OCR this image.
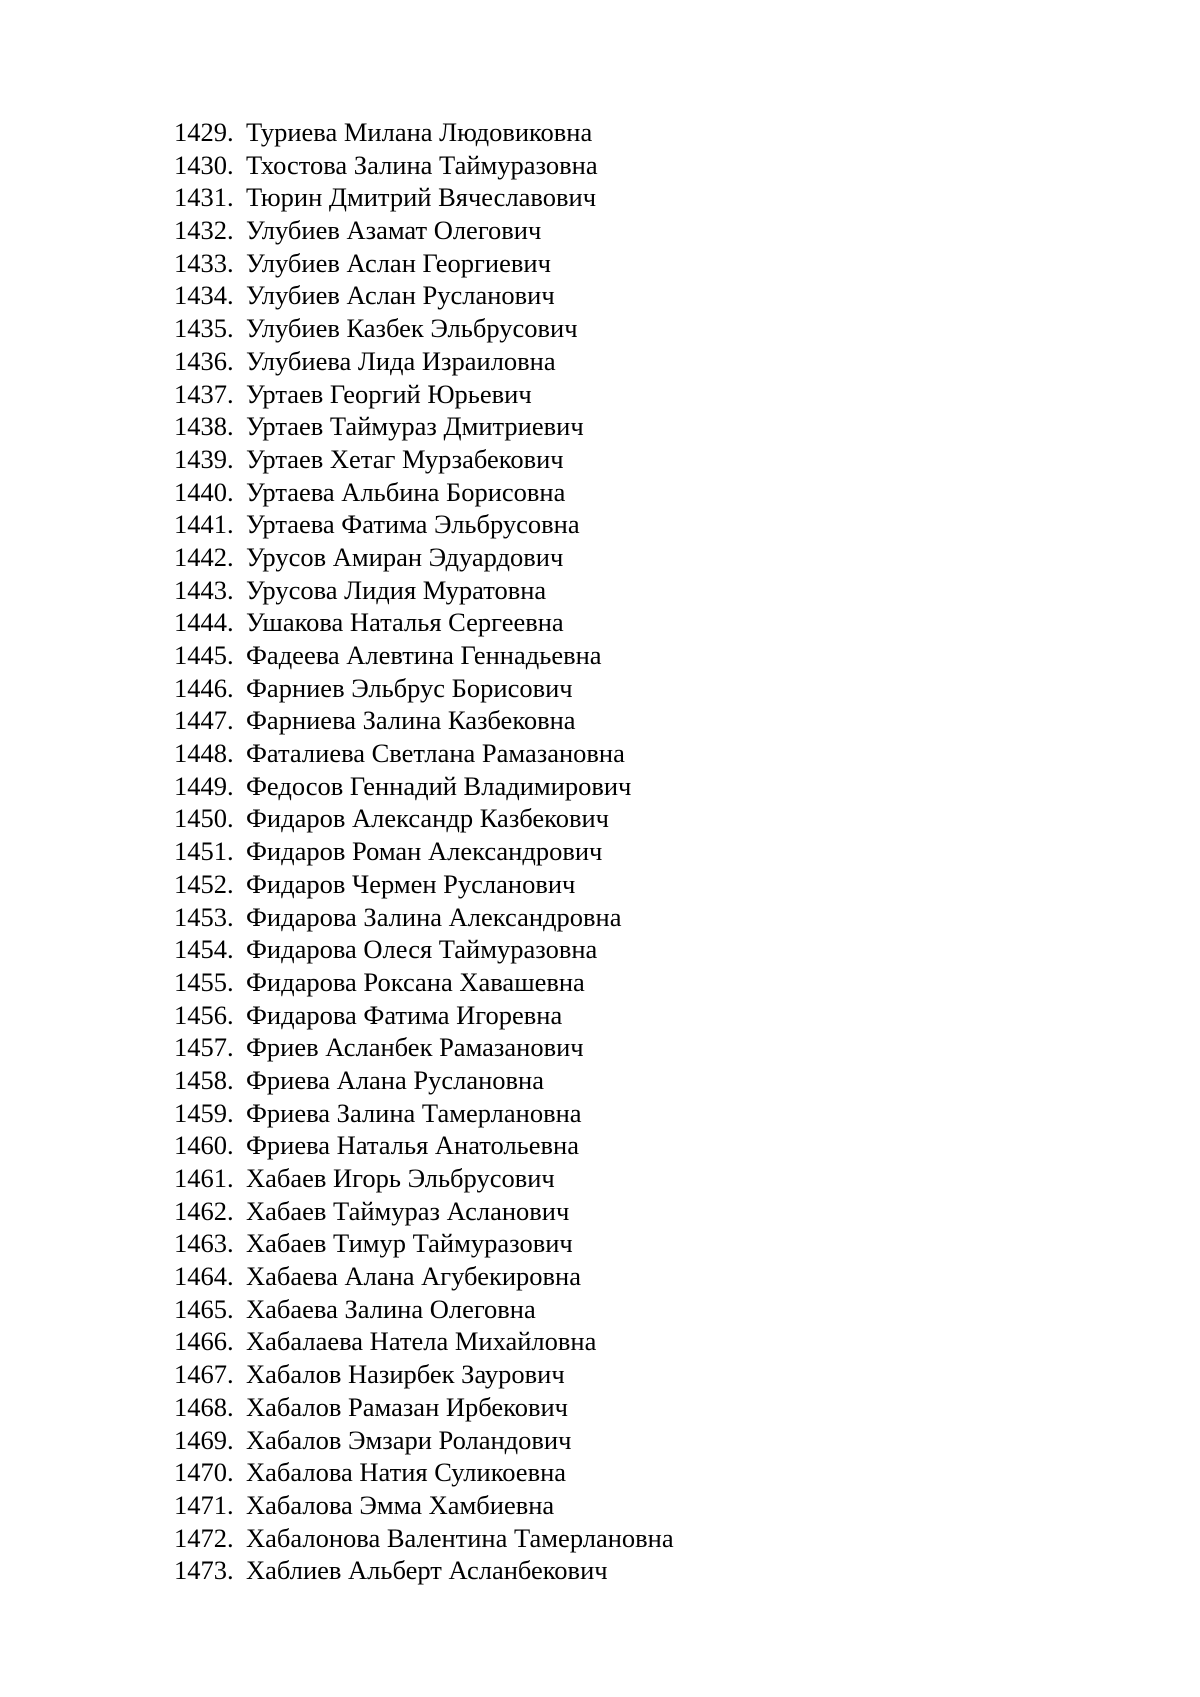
1429. Туриева Милана Людовиковна
1430. Тхостова Залина Таймуразовна
1431. Тюрин Дмитрий Вячеславович
1432. Улубиев Азамат Олегович
1433. Улубиев Аслан Георгиевич
1434. Улубиев Аслан Русланович
1435. Улубиев Казбек Эльбрусович
1436. Улубиева Лида Израиловна
1437. Уртаев Георгий Юрьевич
1438. Уртаев Таймураз Дмитриевич
1439. Уртаев Хетаг Мурзабекович
1440. Уртаева Альбина Борисовна
1441. Уртаева Фатима Эльбрусовна
1442. Урусов Амиран Эдуардович
1443. Урусова Лидия Муратовна
1444. Ушакова Наталья Сергеевна
1445. Фадеева Алевтина Геннадьевна
1446. Фарниев Эльбрус Борисович
1447. Фарниева Залина Казбековна
1448. Фаталиева Светлана Рамазановна
1449. Федосов Геннадий Владимирович
1450. Фидаров Александр Казбекович
1451. Фидаров Роман Александрович
1452. Фидаров Чермен Русланович
1453. Фидарова Залина Александровна
1454. Фидарова Олеся Таймуразовна
1455. Фидарова Роксана Хавашевна
1456. Фидарова Фатима Игоревна
1457. Фриев Асланбек Рамазанович
1458. Фриева Алана Руслановна
1459. Фриева Залина Тамерлановна
1460. Фриева Наталья Анатольевна
1461. Хабаев Игорь Эльбрусович
1462. Хабаев Таймураз Асланович
1463. Хабаев Тимур Таймуразович
1464. Хабаева Алана Агубекировна
1465. Хабаева Залина Олеговна
1466. Хабалаева Натела Михайловна
1467. Хабалов Назирбек Заурович
1468. Хабалов Рамазан Ирбекович
1469. Хабалов Эмзари Роландович
1470. Хабалова Натия Суликоевна
1471. Хабалова Эмма Хамбиевна
1472. Хабалонова Валентина Тамерлановна
1473. Хаблиев Альберт Асланбекович
